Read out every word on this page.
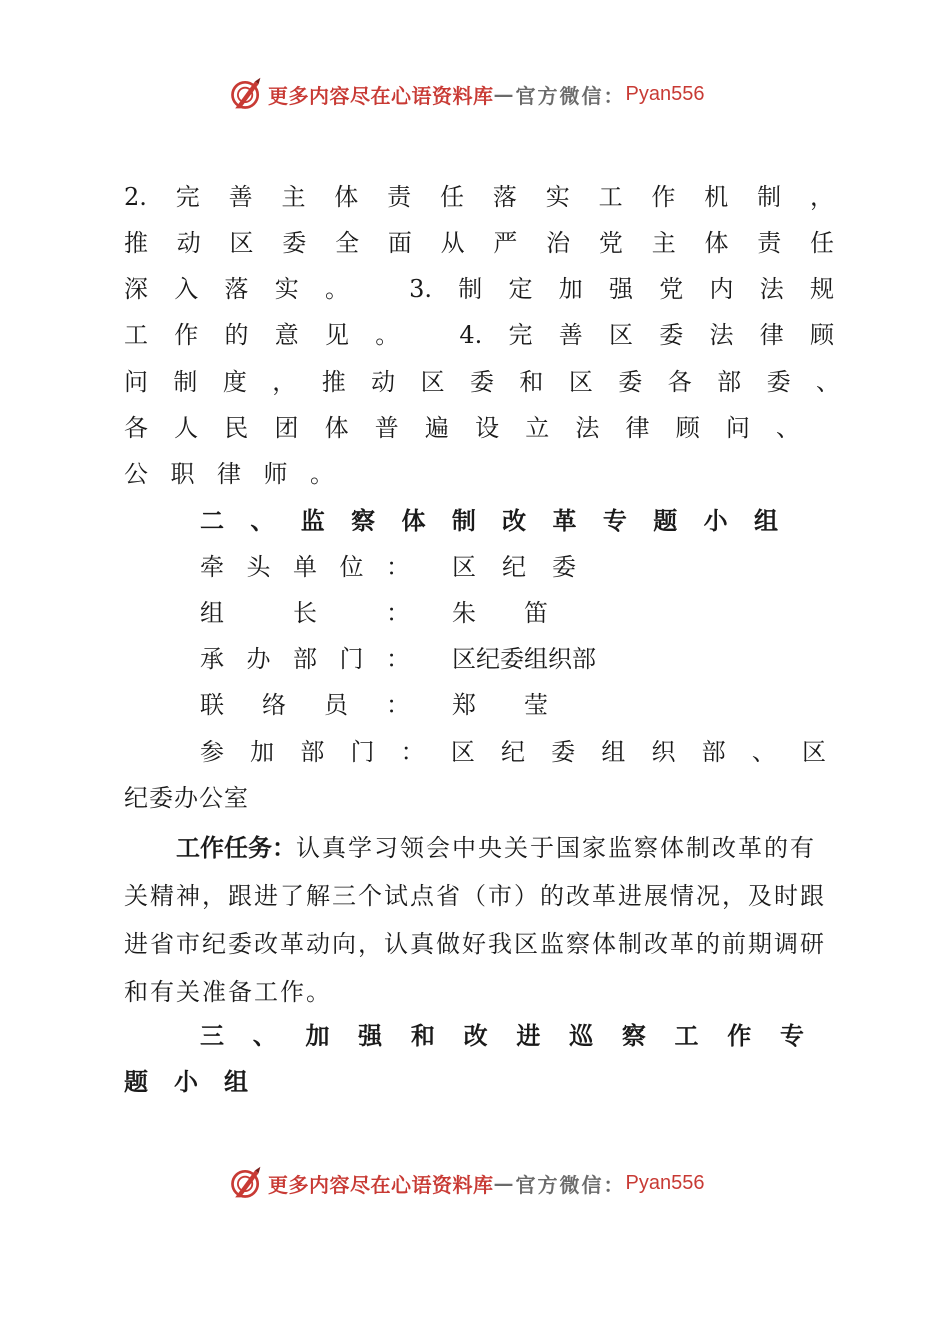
更多内容尽在心语资料库 — 官方微信： Pyan556
2.完善主体责任落实工作机制，
推动区委全面从严治党主体责任
深入落实。 3.制定加强党内法规
工作的意见。 4.完善区委法律顾
问制度，推动区委和区委各部委、
各人民团体普遍设立法律顾问、
公职律师。
二、监察体制改革专题小组
牵头单位： 区纪委
组长： 朱笛
承办部门： 区纪委组织部
联络员： 郑莹
参加部门：区纪委组织部、区
纪委办公室
工作任务：认真学习领会中央关于国家监察体制改革的有
关精神，跟进了解三个试点省（市）的改革进展情况，及时跟
进省市纪委改革动向，认真做好我区监察体制改革的前期调研
和有关准备工作。
三、加强和改进巡察工作专
题小组
更多内容尽在心语资料库 — 官方微信： Pyan556
